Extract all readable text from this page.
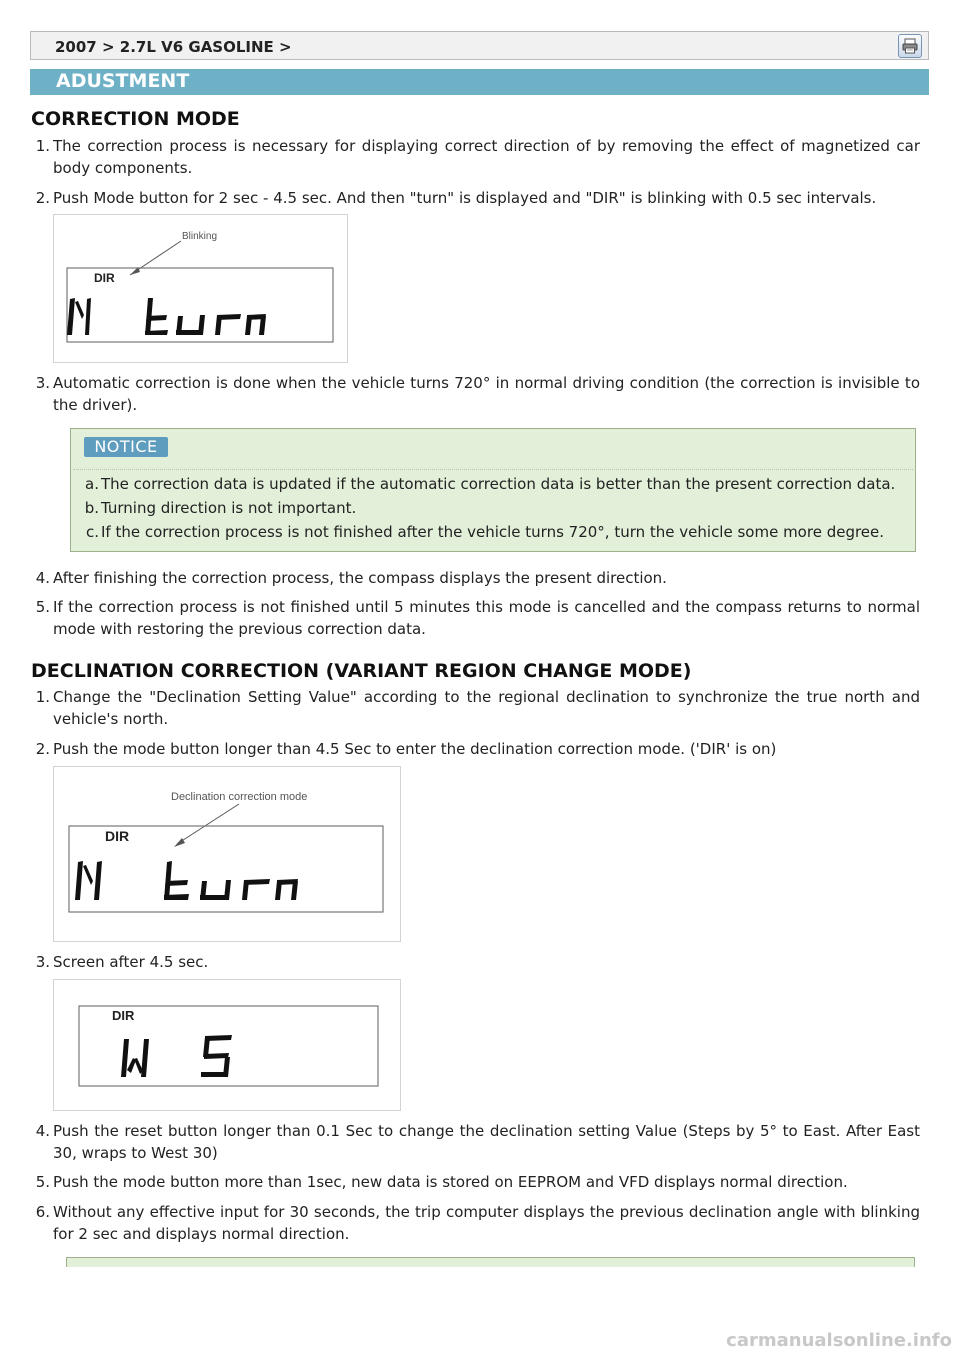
2007 > 2.7L V6 GASOLINE >
ADUSTMENT
CORRECTION MODE
1. The correction process is necessary for displaying correct direction of by removing the effect of magnetized car body components.
2. Push Mode button for 2 sec - 4.5 sec. And then "turn" is displayed and "DIR" is blinking with 0.5 sec intervals.
Blinking
DIR
3. Automatic correction is done when the vehicle turns 720° in normal driving condition (the correction is invisible to the driver).
NOTICE
a. The correction data is updated if the automatic correction data is better than the present correction data.
b. Turning direction is not important.
c. If the correction process is not finished after the vehicle turns 720°, turn the vehicle some more degree.
4. After finishing the correction process, the compass displays the present direction.
5. If the correction process is not finished until 5 minutes this mode is cancelled and the compass returns to normal mode with restoring the previous correction data.
DECLINATION CORRECTION (VARIANT REGION CHANGE MODE)
1. Change the "Declination Setting Value" according to the regional declination to synchronize the true north and vehicle's north.
2. Push the mode button longer than 4.5 Sec to enter the declination correction mode. ('DIR' is on)
Declination correction mode
DIR
3. Screen after 4.5 sec.
DIR
4. Push the reset button longer than 0.1 Sec to change the declination setting Value (Steps by 5° to East. After East 30, wraps to West 30)
5. Push the mode button more than 1sec, new data is stored on EEPROM and VFD displays normal direction.
6. Without any effective input for 30 seconds, the trip computer displays the previous declination angle with blinking for 2 sec and displays normal direction.
carmanualsonline.info
